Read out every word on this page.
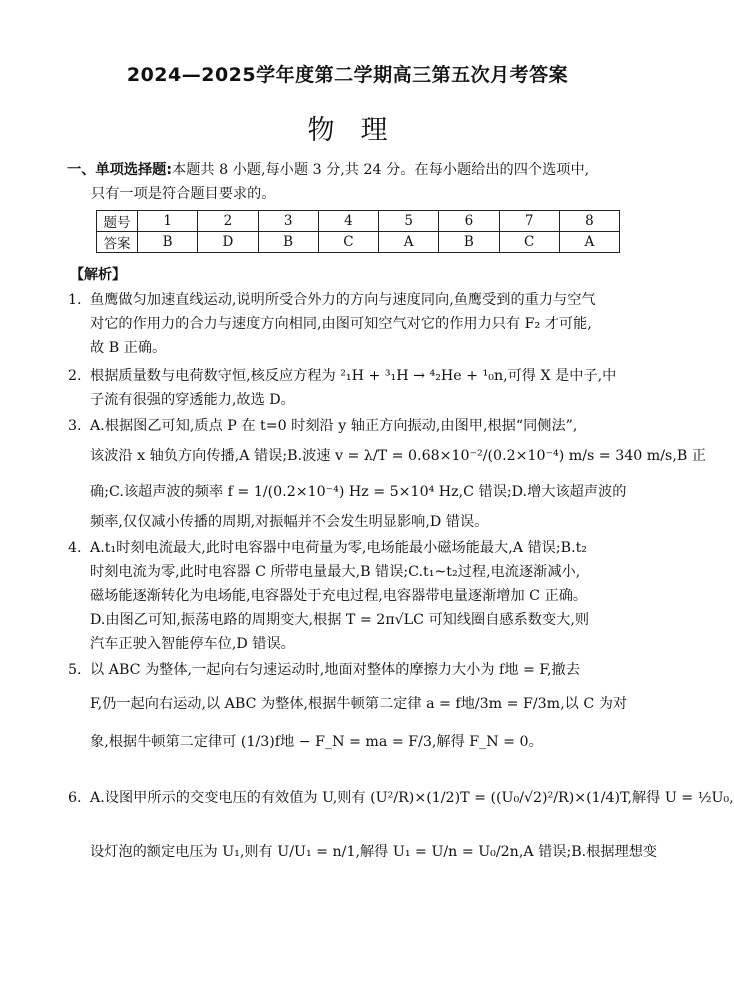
2024—2025学年度第二学期高三第五次月考答案
物理
一、单项选择题:本题共 8 小题,每小题 3 分,共 24 分。在每小题给出的四个选项中,
只有一项是符合题目要求的。
题号	1	2	3	4	5	6	7	8
答案	B	D	B	C	A	B	C	A
【解析】
1. 鱼鹰做匀加速直线运动,说明所受合外力的方向与速度同向,鱼鹰受到的重力与空气
对它的作用力的合力与速度方向相同,由图可知空气对它的作用力只有 F₂ 才可能,
故 B 正确。
2. 根据质量数与电荷数守恒,核反应方程为 ²₁H + ³₁H → ⁴₂He + ¹₀n,可得 X 是中子,中
子流有很强的穿透能力,故选 D。
3. A.根据图乙可知,质点 P 在 t=0 时刻沿 y 轴正方向振动,由图甲,根据“同侧法”,
该波沿 x 轴负方向传播,A 错误;B.波速 v = λ/T = 0.68×10⁻²/(0.2×10⁻⁴) m/s = 340 m/s,B 正
确;C.该超声波的频率 f = 1/(0.2×10⁻⁴) Hz = 5×10⁴ Hz,C 错误;D.增大该超声波的
频率,仅仅减小传播的周期,对振幅并不会发生明显影响,D 错误。
4. A.t₁时刻电流最大,此时电容器中电荷量为零,电场能最小磁场能最大,A 错误;B.t₂
时刻电流为零,此时电容器 C 所带电量最大,B 错误;C.t₁~t₂过程,电流逐渐减小,
磁场能逐渐转化为电场能,电容器处于充电过程,电容器带电量逐渐增加 C 正确。
D.由图乙可知,振荡电路的周期变大,根据 T = 2π√LC 可知线圈自感系数变大,则
汽车正驶入智能停车位,D 错误。
5. 以 ABC 为整体,一起向右匀速运动时,地面对整体的摩擦力大小为 f地 = F,撤去
F,仍一起向右运动,以 ABC 为整体,根据牛顿第二定律 a = f地/3m = F/3m,以 C 为对
象,根据牛顿第二定律可 (1/3)f地 − F_N = ma = F/3,解得 F_N = 0。
6. A.设图甲所示的交变电压的有效值为 U,则有 (U²/R)×(1/2)T = ((U₀/√2)²/R)×(1/4)T,解得 U = ½U₀,
设灯泡的额定电压为 U₁,则有 U/U₁ = n/1,解得 U₁ = U/n = U₀/2n,A 错误;B.根据理想变
